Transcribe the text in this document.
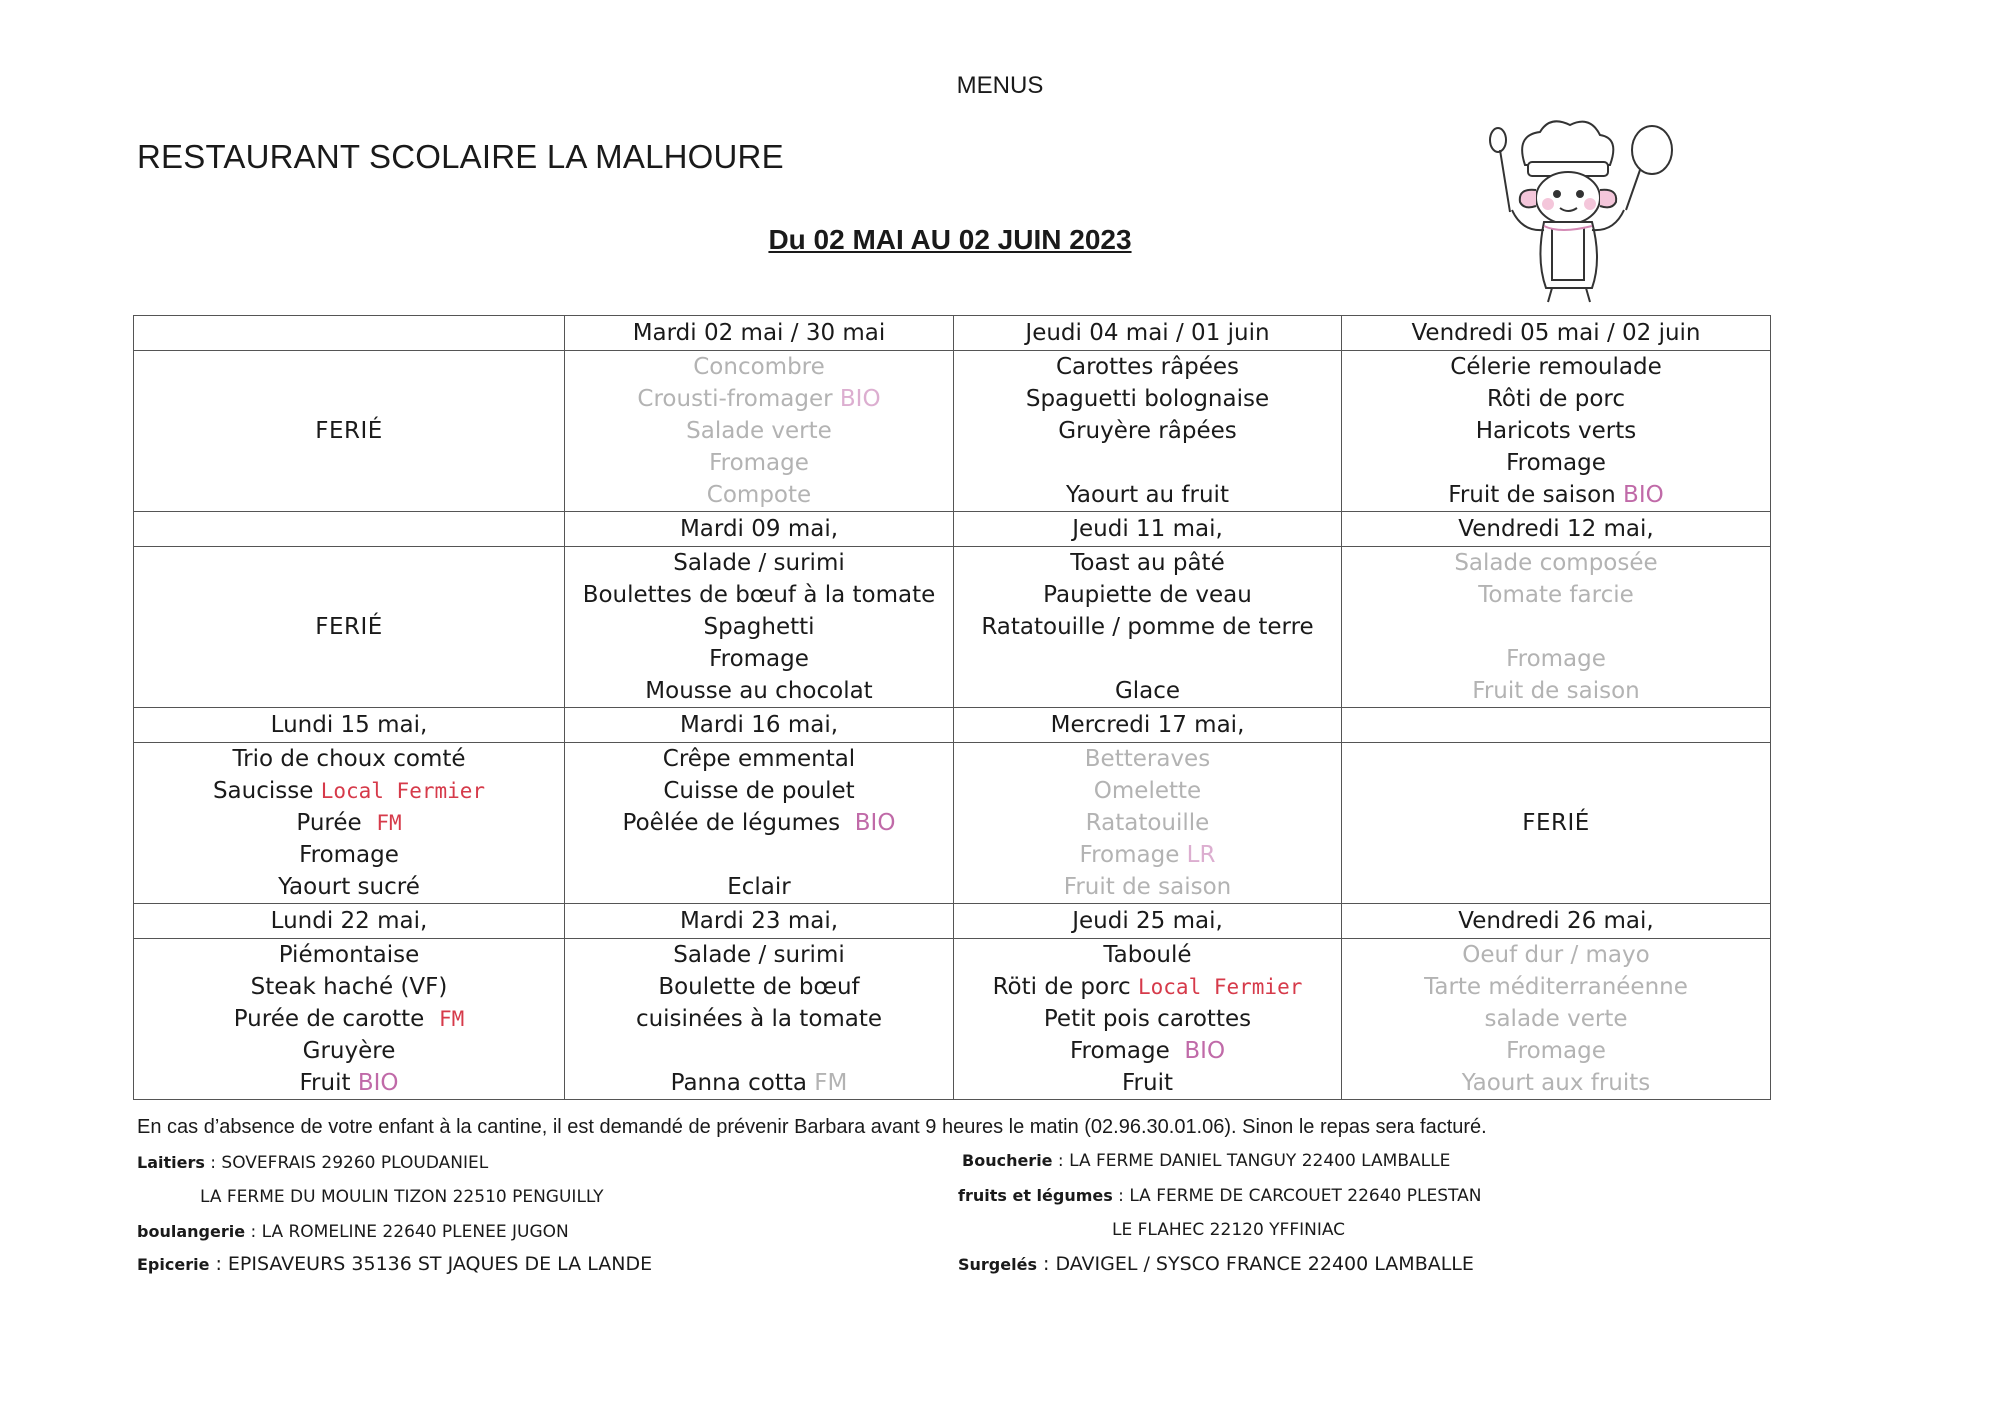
MENUS
RESTAURANT SCOLAIRE LA MALHOURE
Du 02 MAI AU 02 JUIN 2023
	Mardi 02 mai / 30 mai	Jeudi 04 mai / 01 juin	Vendredi 05 mai / 02 juin
FERIÉ	Concombre
Crousti-fromager BIO
Salade verte
Fromage
Compote	Carottes râpées
Spaguetti bolognaise
Gruyère râpées
Yaourt au fruit	Célerie remoulade
Rôti de porc
Haricots verts
Fromage
Fruit de saison BIO

	Mardi 09 mai,	Jeudi 11 mai,	Vendredi 12 mai,
FERIÉ	Salade / surimi
Boulettes de bœuf à la tomate
Spaghetti
Fromage
Mousse au chocolat	Toast au pâté
Paupiette de veau
Ratatouille / pomme de terre
Glace	Salade composée
Tomate farcie
Fromage
Fruit de saison

Lundi 15 mai,	Mardi 16 mai,	Mercredi 17 mai,	

Trio de choux comté
Saucisse Local Fermier
Purée FM
Fromage
Yaourt sucré	Crêpe emmental
Cuisse de poulet
Poêlée de légumes BIO
Eclair	Betteraves
Omelette
Ratatouille
Fromage LR
Fruit de saison	FERIÉ
Lundi 22 mai,	Mardi 23 mai,	Jeudi 25 mai,	Vendredi 26 mai,

Piémontaise
Steak haché (VF)
Purée de carotte FM
Gruyère
Fruit BIO	Salade / surimi
Boulette de bœuf
cuisinées à la tomate
Panna cotta FM	Taboulé
Röti de porc Local Fermier
Petit pois carottes
Fromage BIO
Fruit	Oeuf dur / mayo
Tarte méditerranéenne
salade verte
Fromage
Yaourt aux fruits
En cas d’absence de votre enfant à la cantine, il est demandé de prévenir Barbara avant 9 heures le matin (02.96.30.01.06). Sinon le repas sera facturé.
Laitiers : SOVEFRAIS 29260 PLOUDANIEL
LA FERME DU MOULIN TIZON 22510 PENGUILLY
boulangerie : LA ROMELINE 22640 PLENEE JUGON
Epicerie : EPISAVEURS 35136 ST JAQUES DE LA LANDE
Boucherie : LA FERME DANIEL TANGUY 22400 LAMBALLE
fruits et légumes : LA FERME DE CARCOUET 22640 PLESTAN
LE FLAHEC 22120 YFFINIAC
Surgelés : DAVIGEL / SYSCO FRANCE 22400 LAMBALLE
